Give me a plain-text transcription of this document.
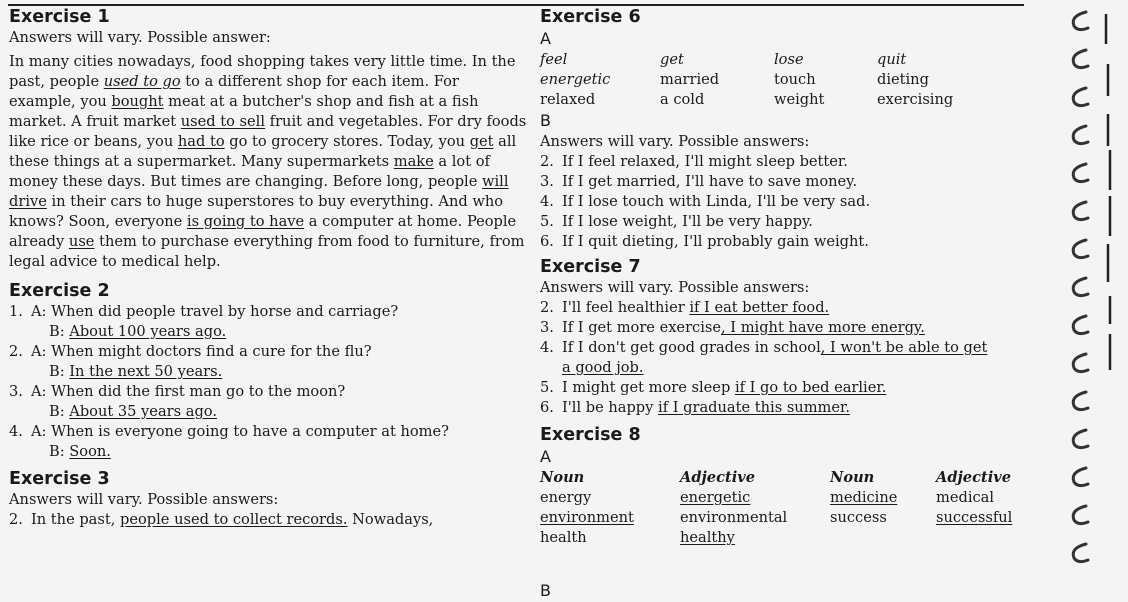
Exercise 1

Answers will vary. Possible answer:

In many cities nowadays, food shopping takes very little time. In the past, people used to go to a different shop for each item. For example, you bought meat at a butcher's shop and fish at a fish market. A fruit market used to sell fruit and vegetables. For dry foods like rice or beans, you had to go to grocery stores. Today, you get all these things at a supermarket. Many supermarkets make a lot of money these days. But times are changing. Before long, people will drive in their cars to huge superstores to buy everything. And who knows? Soon, everyone is going to have a computer at home. People already use them to purchase everything from food to furniture, from legal advice to medical help.

Exercise 2
1. A: When did people travel by horse and carriage?
B: About 100 years ago.
2. A: When might doctors find a cure for the flu?
B: In the next 50 years.
3. A: When did the first man go to the moon?
B: About 35 years ago.
4. A: When is everyone going to have a computer at home?
B: Soon.
Exercise 3

Answers will vary. Possible answers:

2. In the past, people used to collect records. Nowadays,
Exercise 6

A

feel
energetic
relaxed
get
married
a cold
lose
touch
weight
quit
dieting
exercising

B

Answers will vary. Possible answers:

2. If I feel relaxed, I'll might sleep better.
3. If I get married, I'll have to save money.
4. If I lose touch with Linda, I'll be very sad.
5. If I lose weight, I'll be very happy.
6. If I quit dieting, I'll probably gain weight.
Exercise 7

Answers will vary. Possible answers:

2. I'll feel healthier if I eat better food.
3. If I get more exercise, I might have more energy.
4. If I don't get good grades in school, I won't be able to get
a good job.
5. I might get more sleep if I go to bed earlier.
6. I'll be happy if I graduate this summer.
Exercise 8

A

Noun
energy
environment
health
Adjective
energetic
environmental
healthy
Noun
medicine
success
Adjective
medical
successful

B
